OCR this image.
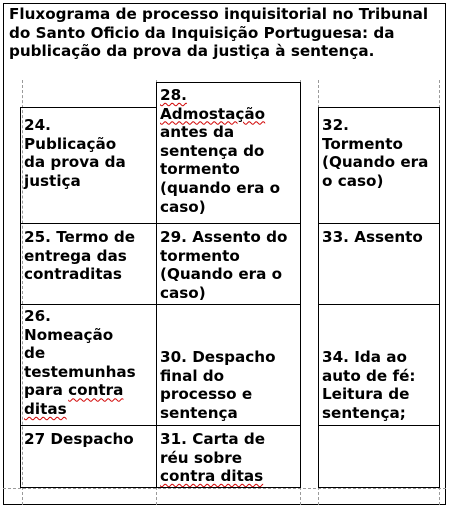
Fluxograma de processo inquisitorial no Tribunal do Santo Oficio da Inquisição Portuguesa: da publicação da prova da justiça à sentença.

24.
Publicação
da prova da
justiça
28.
Admostação
antes da
sentença do
tormento
(quando era o
caso)
32.
Tormento
(Quando era
o caso)
25. Termo de
entrega das
contraditas
29. Assento do
tormento
(Quando era o
caso)
33. Assento
26.
Nomeação
de
testemunhas
para contra
ditas
30. Despacho
final do
processo e
sentença
34. Ida ao
auto de fé:
Leitura de
sentença;
27 Despacho	31. Carta de
réu sobre
contra ditas
